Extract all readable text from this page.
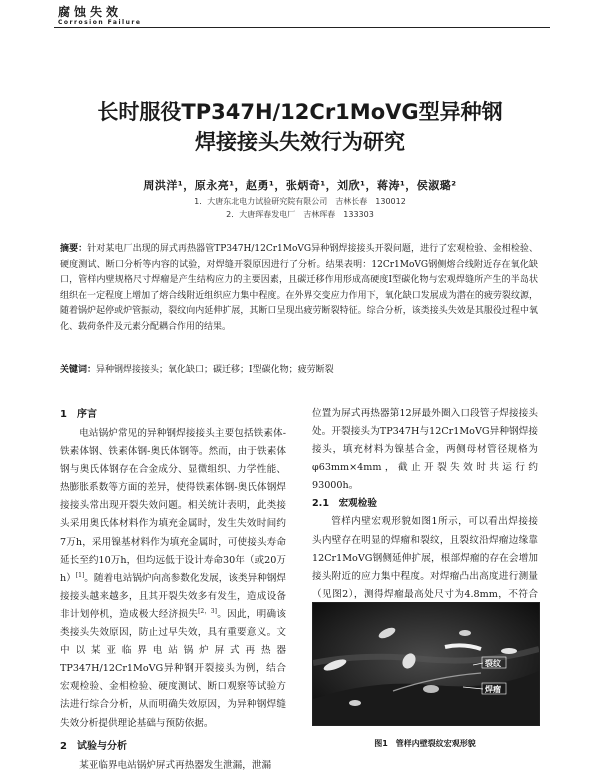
腐蚀失效
Corrosion Failure
长时服役TP347H/12Cr1MoVG型异种钢
焊接接头失效行为研究
周洪洋¹，原永亮¹，赵勇¹，张炳奇¹，刘欣¹，蒋涛¹，侯淑璐²
1．大唐东北电力试验研究院有限公司　吉林长春　130012
2．大唐珲春发电厂　吉林珲春　133303
摘要：针对某电厂出现的屏式再热器管TP347H/12Cr1MoVG异种钢焊接接头开裂问题，进行了宏观检验、金相检验、硬度测试、断口分析等内容的试验，对焊缝开裂原因进行了分析。结果表明：12Cr1MoVG钢侧熔合线附近存在氧化缺口，管样内壁规格尺寸焊瘤是产生结构应力的主要因素，且碳迁移作用形成高硬度I型碳化物与宏观焊缝所产生的半岛状组织在一定程度上增加了熔合线附近组织应力集中程度。在外界交变应力作用下，氧化缺口发展成为潜在的疲劳裂纹源，随着锅炉起停或炉管振动，裂纹向内延伸扩展，其断口呈现出疲劳断裂特征。综合分析，该类接头失效是其服役过程中氧化、载荷条件及元素分配耦合作用的结果。
关键词：异种钢焊接接头；氧化缺口；碳迁移；I型碳化物；疲劳断裂
1　序言

电站锅炉常见的异种钢焊接接头主要包括铁素体-铁素体钢、铁素体钢-奥氏体钢等。然而，由于铁素体钢与奥氏体钢存在合金成分、显微组织、力学性能、热膨胀系数等方面的差异，使得铁素体钢-奥氏体钢焊接接头常出现开裂失效问题。相关统计表明，此类接头采用奥氏体材料作为填充金属时，发生失效时间约7万h，采用镍基材料作为填充金属时，可使接头寿命延长至约10万h，但均远低于设计寿命30年（或20万h）[1]。随着电站锅炉向高参数化发展，该类异种钢焊接接头越来越多，且其开裂失效多有发生，造成设备非计划停机，造成极大经济损失[2，3]。因此，明确该类接头失效原因，防止过早失效，具有重要意义。文中以某亚临界电站锅炉屏式再热器TP347H/12Cr1MoVG异种钢开裂接头为例，结合宏观检验、金相检验、硬度测试、断口观察等试验方法进行综合分析，从而明确失效原因，为异种钢焊缝失效分析提供理论基础与预防依据。

2　试验与分析

某亚临界电站锅炉屏式再热器发生泄漏，泄漏

位置为屏式再热器第12屏最外圈入口段管子焊接接头处。开裂接头为TP347H与12Cr1MoVG异种钢焊接接头，填充材料为镍基合金，两侧母材管径规格为φ63mm×4mm，截止开裂失效时共运行约93000h。

2.1　宏观检验

管样内壁宏观形貌如图1所示，可以看出焊接接头内壁存在明显的焊瘤和裂纹，且裂纹沿焊瘤边缘靠12Cr1MoVG钢侧延伸扩展，根部焊瘤的存在会增加接头附近的应力集中程度。对焊瘤凸出高度进行测量（见图2），测得焊瘤最高处尺寸为4.8mm，不符合

裂纹
焊瘤
图1　管样内壁裂纹宏观形貌
